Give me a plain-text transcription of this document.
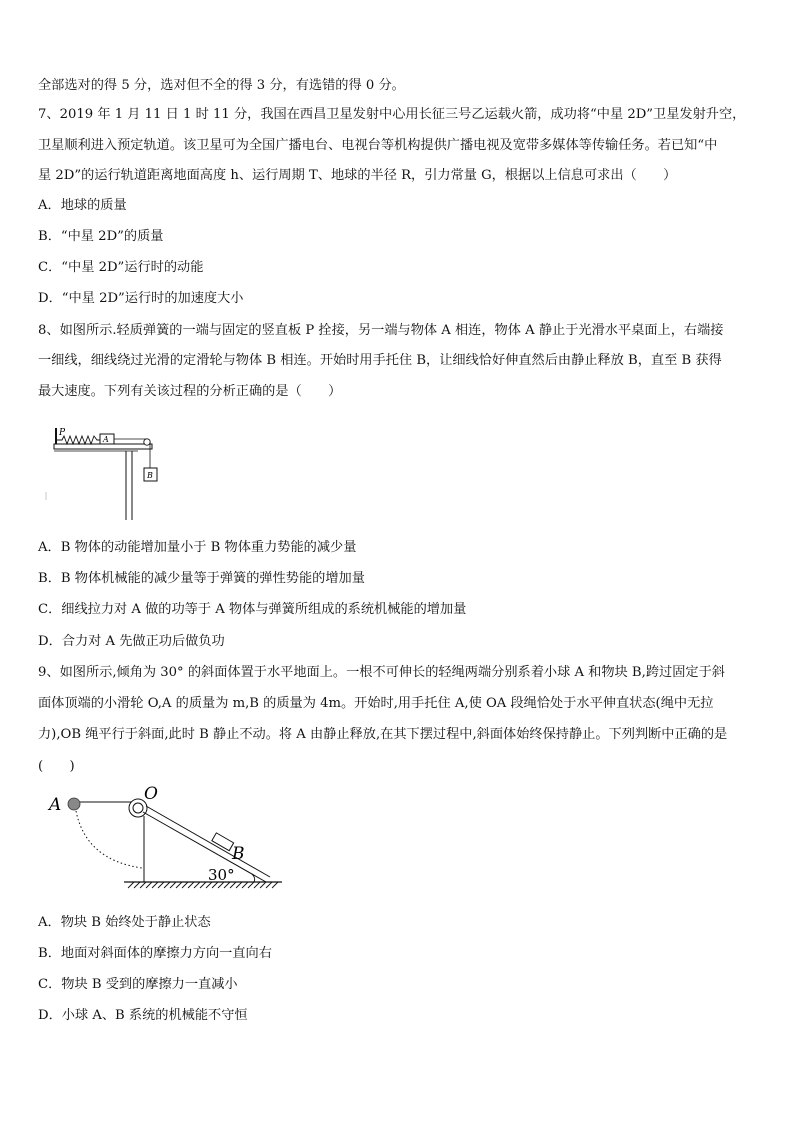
全部选对的得 5 分，选对但不全的得 3 分，有选错的得 0 分。
7、2019 年 1 月 11 日 1 时 11 分，我国在西昌卫星发射中心用长征三号乙运载火箭，成功将“中星 2D”卫星发射升空，
卫星顺利进入预定轨道。该卫星可为全国广播电台、电视台等机构提供广播电视及宽带多媒体等传输任务。若已知“中
星 2D”的运行轨道距离地面高度 h、运行周期 T、地球的半径 R，引力常量 G，根据以上信息可求出（　　）
A．地球的质量
B．“中星 2D”的质量
C．“中星 2D”运行时的动能
D．“中星 2D”运行时的加速度大小
8、如图所示.轻质弹簧的一端与固定的竖直板 P 拴接，另一端与物体 A 相连，物体 A 静止于光滑水平桌面上，右端接
一细线，细线绕过光滑的定滑轮与物体 B 相连。开始时用手托住 B，让细线恰好伸直然后由静止释放 B，直至 B 获得
最大速度。下列有关该过程的分析正确的是（　　）
P
A
B
A．B 物体的动能增加量小于 B 物体重力势能的减少量
B．B 物体机械能的减少量等于弹簧的弹性势能的增加量
C．细线拉力对 A 做的功等于 A 物体与弹簧所组成的系统机械能的增加量
D．合力对 A 先做正功后做负功
9、如图所示,倾角为 30° 的斜面体置于水平地面上。一根不可伸长的轻绳两端分别系着小球 A 和物块 B,跨过固定于斜
面体顶端的小滑轮 O,A 的质量为 m,B 的质量为 4m。开始时,用手托住 A,使 OA 段绳恰处于水平伸直状态(绳中无拉
力),OB 绳平行于斜面,此时 B 静止不动。将 A 由静止释放,在其下摆过程中,斜面体始终保持静止。下列判断中正确的是
(　　)
A
O
B
30°
A．物块 B 始终处于静止状态
B．地面对斜面体的摩擦力方向一直向右
C．物块 B 受到的摩擦力一直减小
D．小球 A、B 系统的机械能不守恒
